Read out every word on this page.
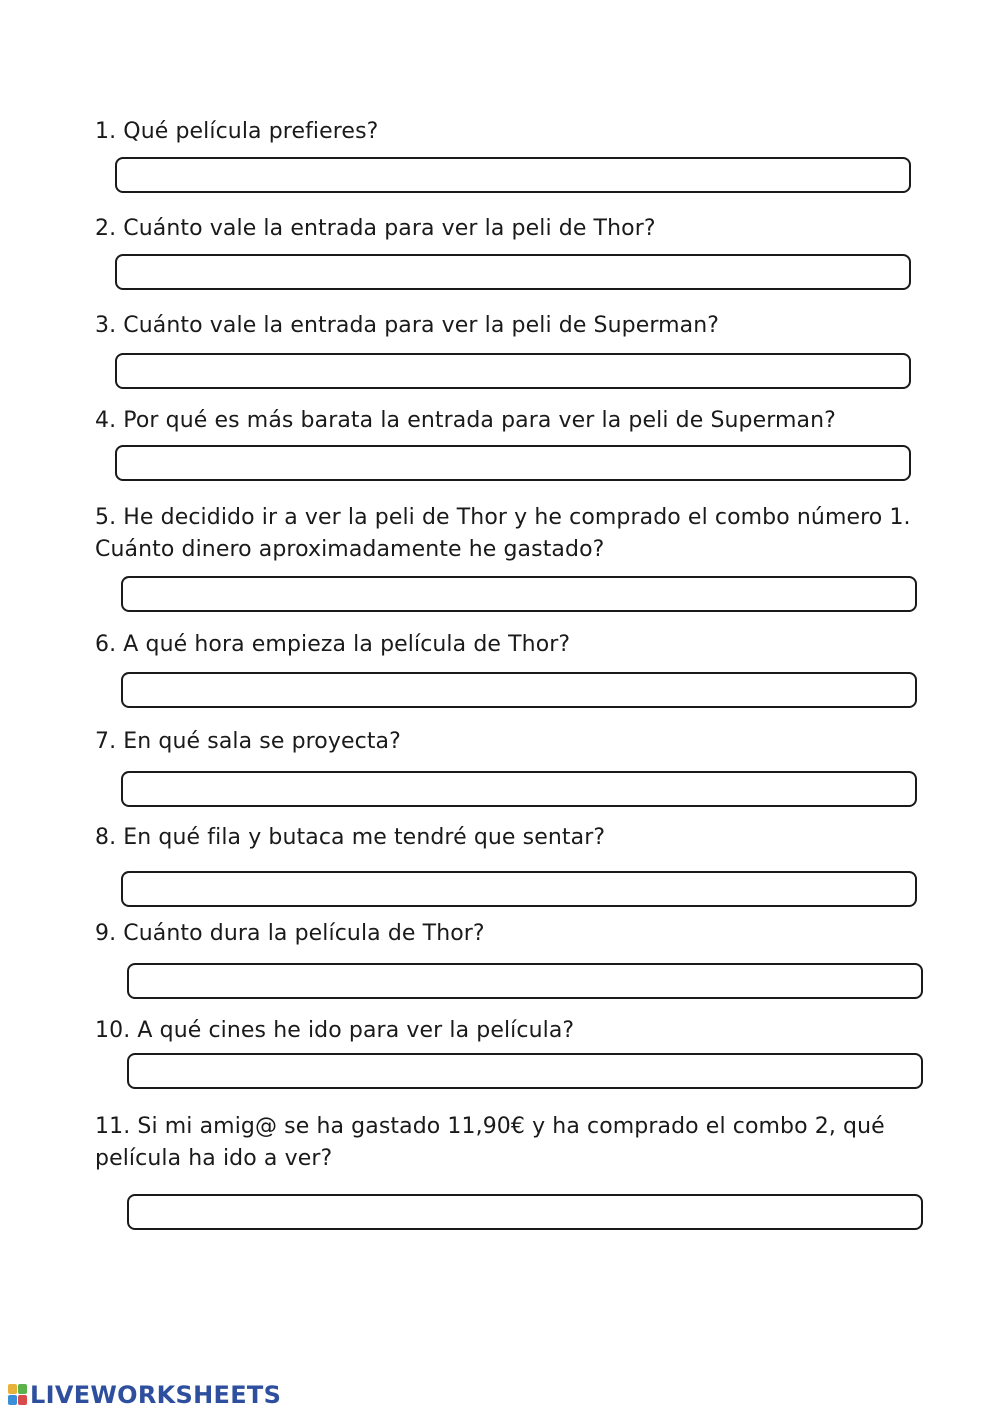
1. Qué película prefieres?

2. Cuánto vale la entrada para ver la peli de Thor?

3. Cuánto vale la entrada para ver la peli de Superman?

4. Por qué es más barata la entrada para ver la peli de Superman?

5. He decidido ir a ver la peli de Thor y he comprado el combo número 1.
Cuánto dinero aproximadamente he gastado?

6. A qué hora empieza la película de Thor?

7. En qué sala se proyecta?

8. En qué fila y butaca me tendré que sentar?

9. Cuánto dura la película de Thor?

10. A qué cines he ido para ver la película?

11. Si mi amig@ se ha gastado 11,90€ y ha comprado el combo 2, qué
película ha ido a ver?

LIVEWORKSHEETS
